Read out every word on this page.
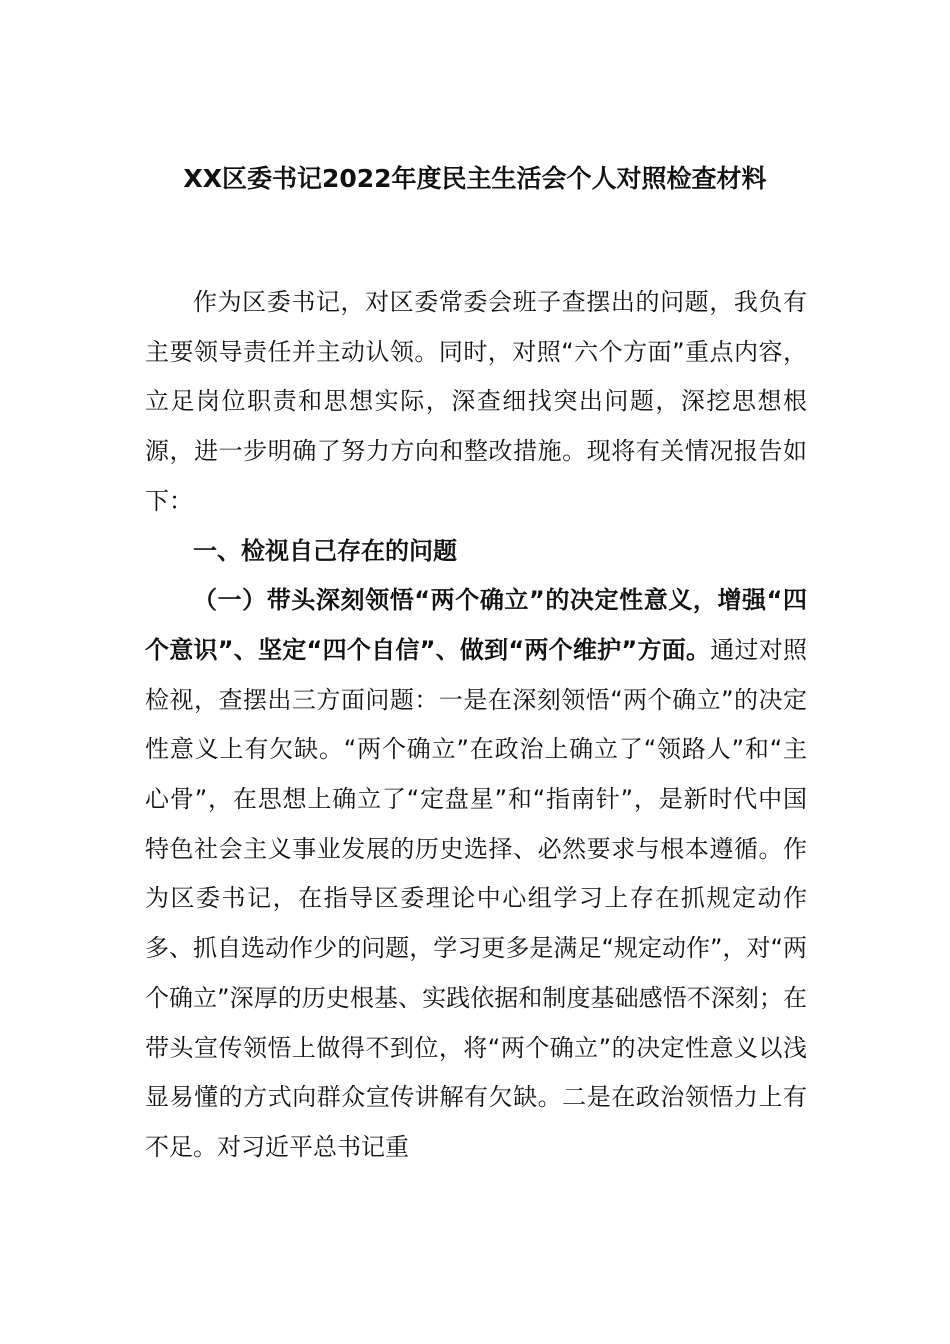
XX区委书记2022年度民主生活会个人对照检查材料

作为区委书记，对区委常委会班子查摆出的问题，我负有主要领导责任并主动认领。同时，对照“六个方面”重点内容，立足岗位职责和思想实际，深查细找突出问题，深挖思想根源，进一步明确了努力方向和整改措施。现将有关情况报告如下：

一、检视自己存在的问题

（一）带头深刻领悟“两个确立”的决定性意义，增强“四个意识”、坚定“四个自信”、做到“两个维护”方面。通过对照检视，查摆出三方面问题：一是在深刻领悟“两个确立”的决定性意义上有欠缺。“两个确立”在政治上确立了“领路人”和“主心骨”，在思想上确立了“定盘星”和“指南针”，是新时代中国特色社会主义事业发展的历史选择、必然要求与根本遵循。作为区委书记，在指导区委理论中心组学习上存在抓规定动作多、抓自选动作少的问题，学习更多是满足“规定动作”，对“两个确立”深厚的历史根基、实践依据和制度基础感悟不深刻；在带头宣传领悟上做得不到位，将“两个确立”的决定性意义以浅显易懂的方式向群众宣传讲解有欠缺。二是在政治领悟力上有不足。对习近平总书记重
